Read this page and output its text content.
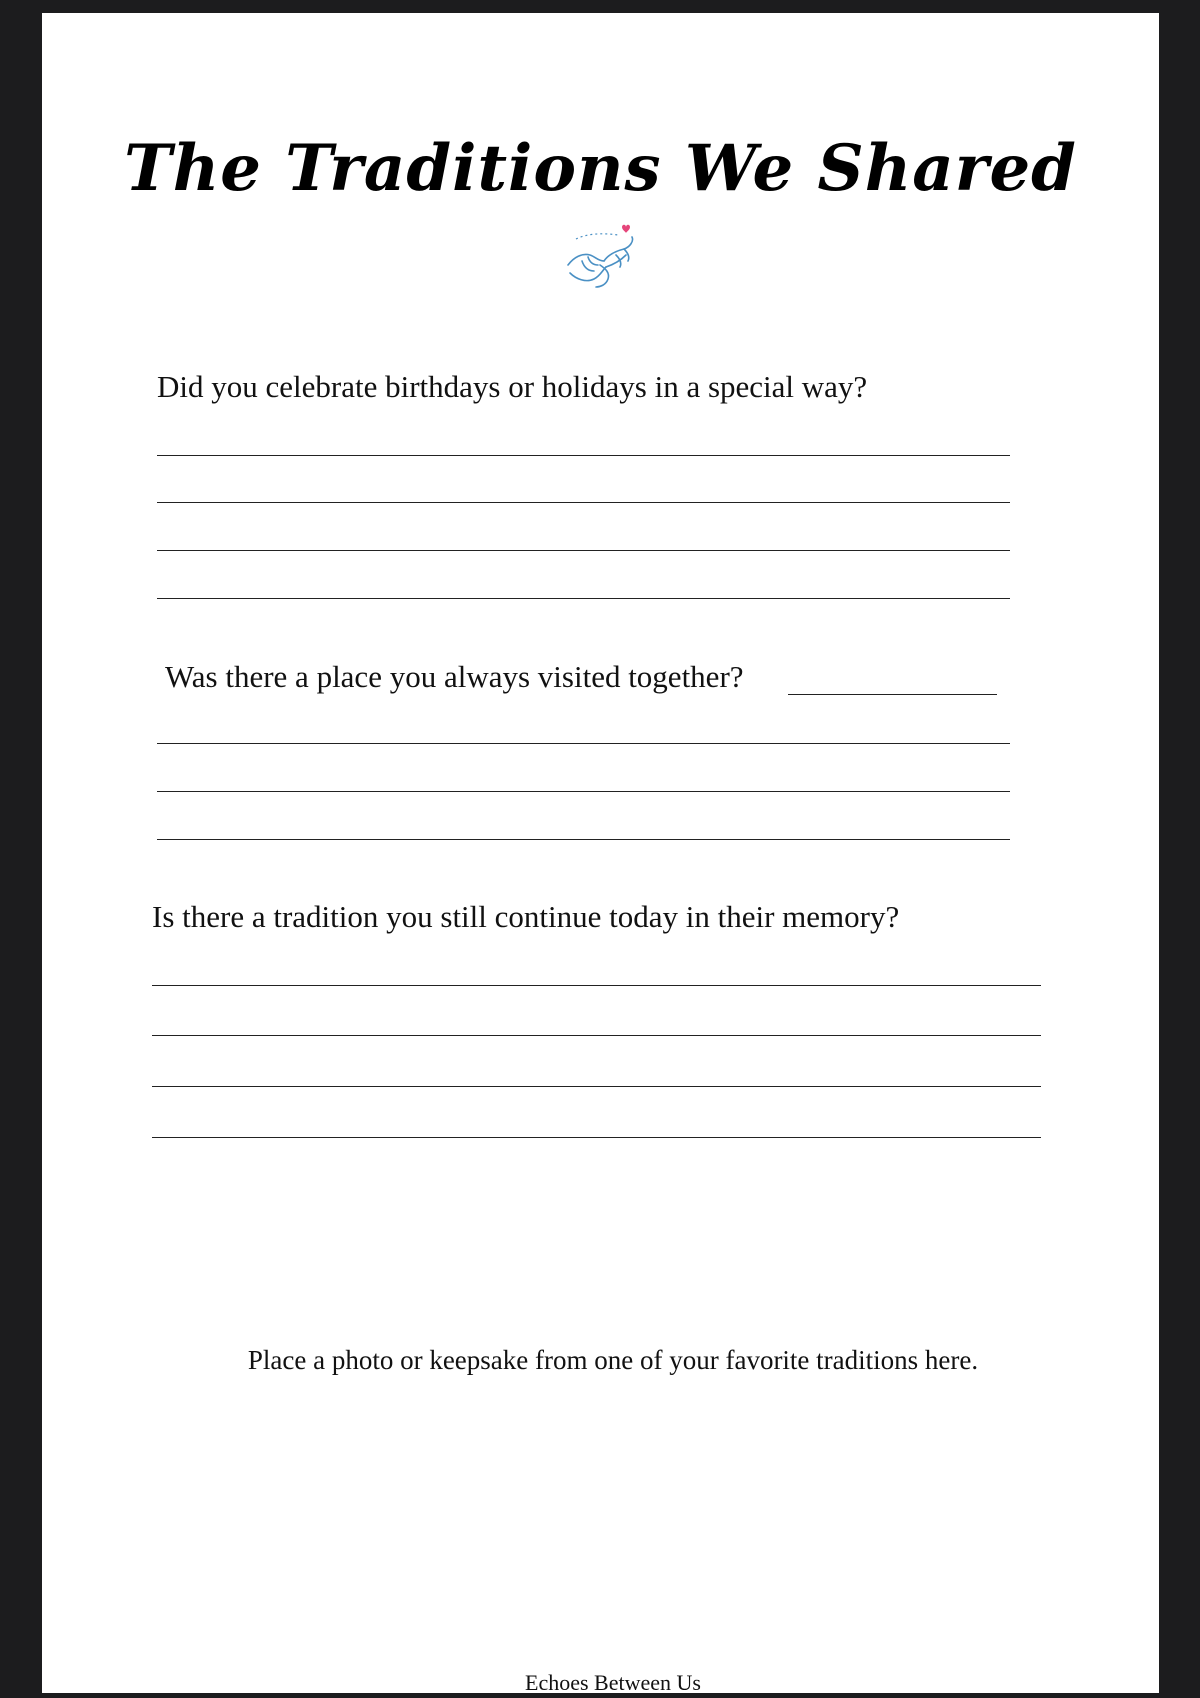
The Traditions We Shared
Did you celebrate birthdays or holidays in a special way?
Was there a place you always visited together?
Is there a tradition you still continue today in their memory?
Place a photo or keepsake from one of your favorite traditions here.
Echoes Between Us
